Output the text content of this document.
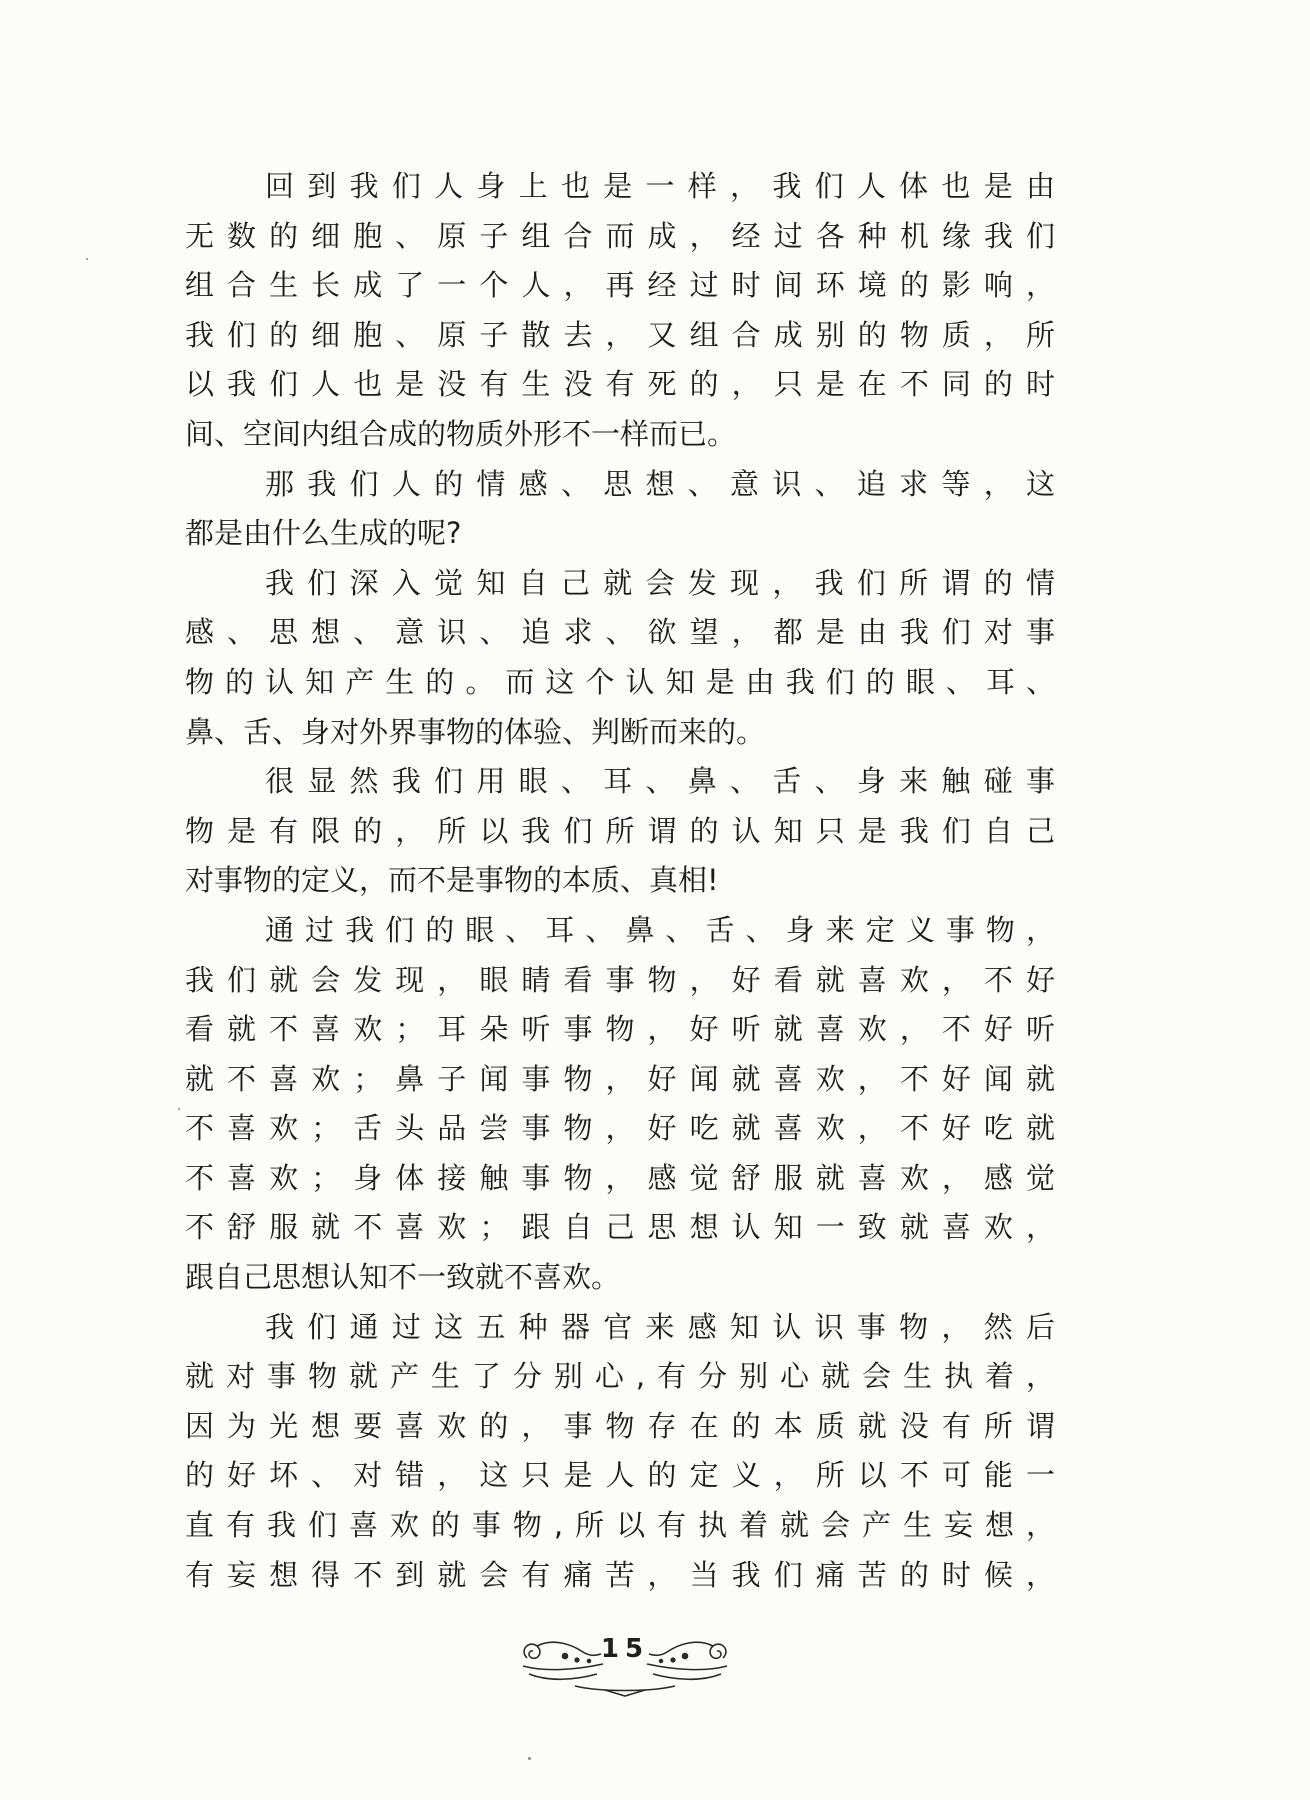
回到我们人身上也是一样，我们人体也是由
无数的细胞、原子组合而成，经过各种机缘我们
组合生长成了一个人，再经过时间环境的影响，
我们的细胞、原子散去，又组合成别的物质，所
以我们人也是没有生没有死的，只是在不同的时
间、空间内组合成的物质外形不一样而已。
那我们人的情感、思想、意识、追求等，这
都是由什么生成的呢?
我们深入觉知自己就会发现，我们所谓的情
感、思想、意识、追求、欲望，都是由我们对事
物的认知产生的。而这个认知是由我们的眼、耳、
鼻、舌、身对外界事物的体验、判断而来的。
很显然我们用眼、耳、鼻、舌、身来触碰事
物是有限的，所以我们所谓的认知只是我们自己
对事物的定义，而不是事物的本质、真相!
通过我们的眼、耳、鼻、舌、身来定义事物，
我们就会发现，眼睛看事物，好看就喜欢，不好
看就不喜欢；耳朵听事物，好听就喜欢，不好听
就不喜欢；鼻子闻事物，好闻就喜欢，不好闻就
不喜欢；舌头品尝事物，好吃就喜欢，不好吃就
不喜欢；身体接触事物，感觉舒服就喜欢，感觉
不舒服就不喜欢；跟自己思想认知一致就喜欢，
跟自己思想认知不一致就不喜欢。
我们通过这五种器官来感知认识事物，然后
就对事物就产生了分别心,有分别心就会生执着，
因为光想要喜欢的，事物存在的本质就没有所谓
的好坏、对错，这只是人的定义，所以不可能一
直有我们喜欢的事物,所以有执着就会产生妄想，
有妄想得不到就会有痛苦，当我们痛苦的时候，
15
